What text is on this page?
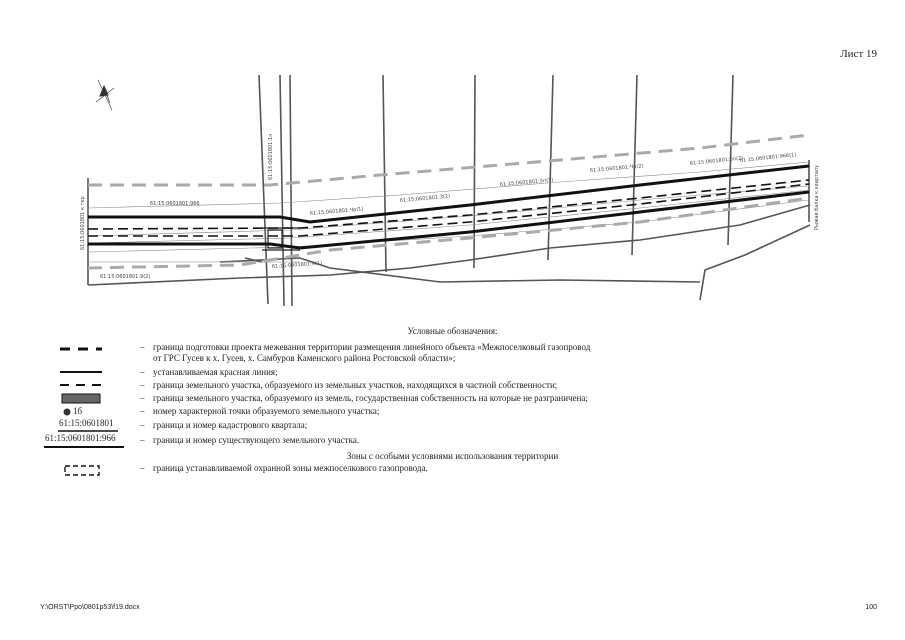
Лист 19
61:15:0601801:966
61:15:0601801:Чр(1)
61:15:0601801:3(2)
61:15:0601801:Чр(2)
61:15:0601801:5п(1)
61:15:0601801:5п(2)
61:15:0601801:966(1)
61:15:0601801:9(2)
61:15:0601801:9(1)
61:15:0601801:1н
61:15:0601801 к тер	Рыжая балка к кварталу
Условные обозначения:
– граница подготовки проекта межевания территории размещения линейного объекта «Межпоселковый газопровод
от ГРС Гусев к х. Гусев, х. Самбуров Каменского района Ростовской области»;
– устанавливаемая красная линия;
– граница земельного участка, образуемого из земельных участков, находящихся в частной собственности;
– граница земельного участка, образуемого из земель, государственная собственность на которые не разграничена;
1б	– номер характерной точки образуемого земельного участка;
61:15:0601801	– граница и номер кадастрового квартала;
61:15:0601801:966	– граница и номер существующего земельного участка.
Зоны с особыми условиями использования территории
– граница устанавливаемой охранной зоны межпоселкового газопровода.
Y:\ORST\Ppo\0801p53\f19.docx	100
